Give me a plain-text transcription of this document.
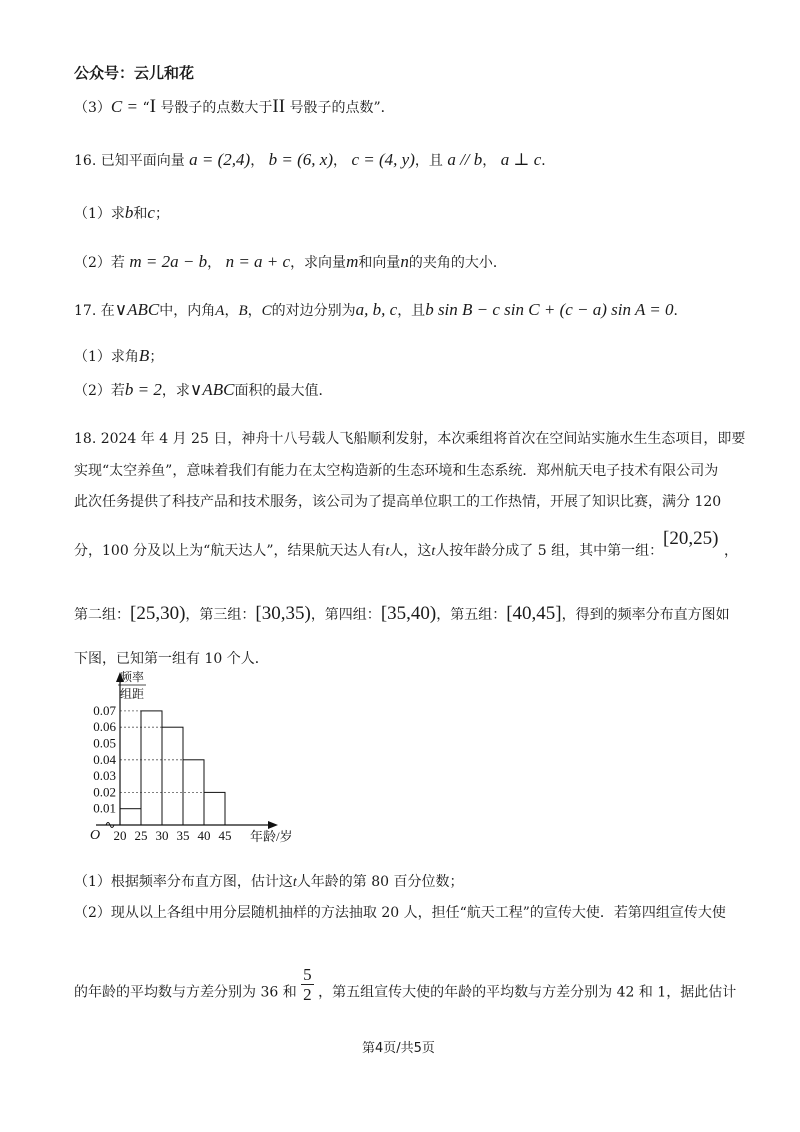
公众号：云儿和花
（3）C = “I 号骰子的点数大于II 号骰子的点数”．
16. 已知平面向量 a = (2,4)， b = (6, x)， c = (4, y)，且 a // b， a ⊥ c．
（1）求b和c；
（2）若 m = 2a − b， n = a + c，求向量m和向量n的夹角的大小．
17. 在∨ABC中，内角A，B，C的对边分别为a, b, c，且b sin B − c sin C + (c − a) sin A = 0．
（1）求角B；
（2）若b = 2，求∨ABC面积的最大值．
18. 2024 年 4 月 25 日，神舟十八号载人飞船顺利发射，本次乘组将首次在空间站实施水生生态项目，即要
实现“太空养鱼”，意味着我们有能力在太空构造新的生态环境和生态系统．郑州航天电子技术有限公司为
此次任务提供了科技产品和技术服务，该公司为了提高单位职工的工作热情，开展了知识比赛，满分 120
分，100 分及以上为“航天达人”，结果航天达人有t人，这t人按年龄分成了 5 组，其中第一组：
[20,25)
，
第二组：[25,30)，第三组：[30,35)，第四组：[35,40)，第五组：[40,45]，得到的频率分布直方图如
下图，已知第一组有 10 个人．
0.01
0.02
0.03
0.04
0.05
0.06
0.07
20 25 30 35 40 45
O
频率
组距
年龄/岁
（1）根据频率分布直方图，估计这t人年龄的第 80 百分位数；
（2）现从以上各组中用分层随机抽样的方法抽取 20 人，担任“航天工程”的宣传大使．若第四组宣传大使
的年龄的平均数与方差分别为 36 和 $\frac{5}{2}$ ，第五组宣传大使的年龄的平均数与方差分别为 42 和 1，据此估计
第4页/共5页
